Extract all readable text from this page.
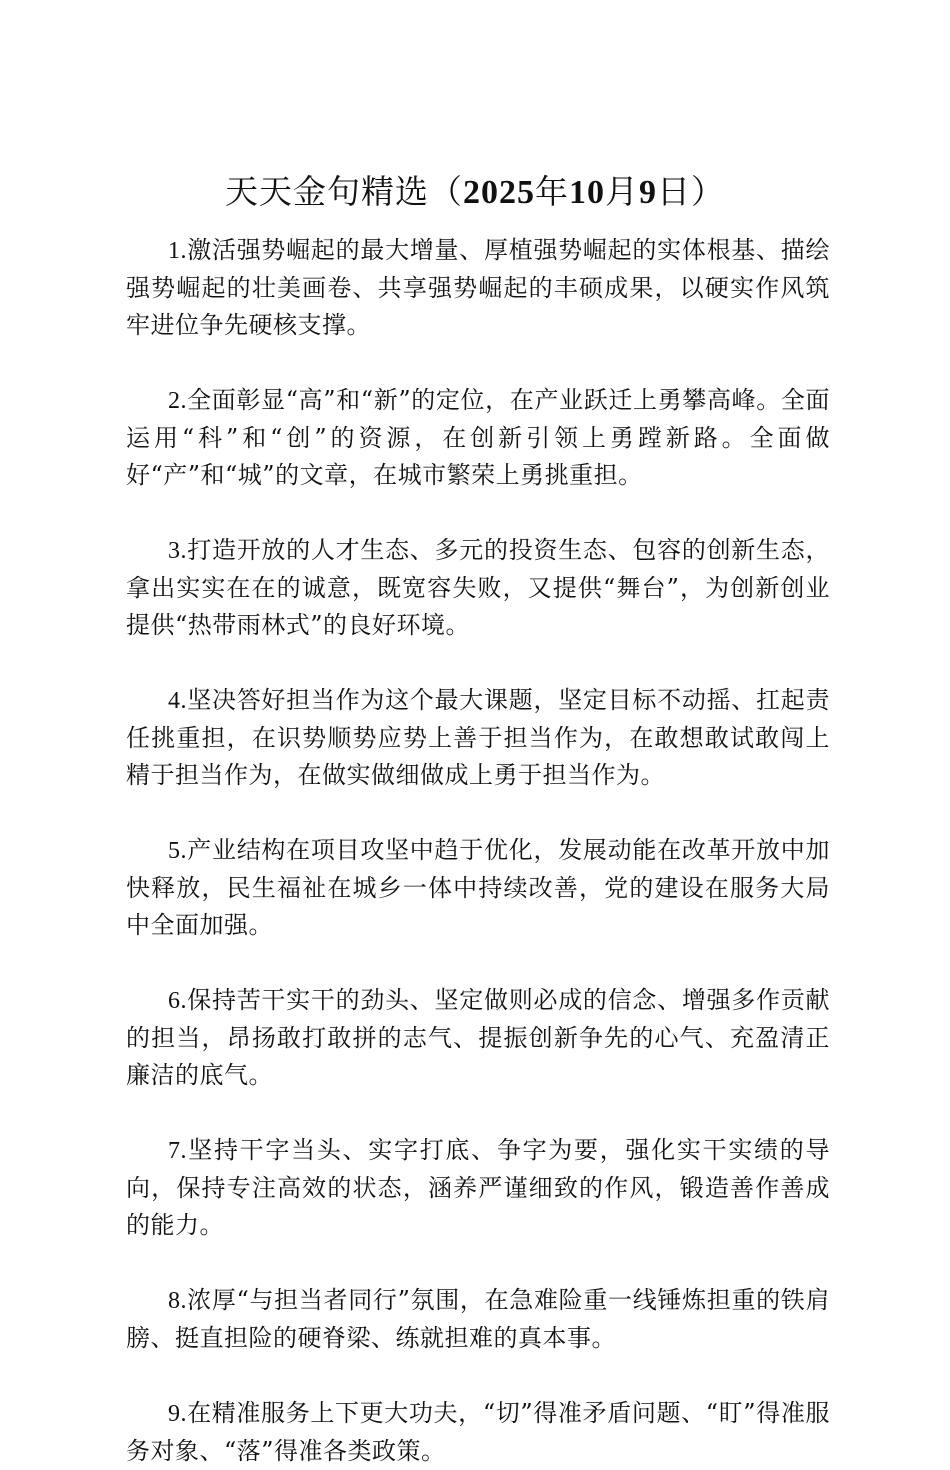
天天金句精选（2025年10月9日）

1.激活强势崛起的最大增量、厚植强势崛起的实体根基、描绘强势崛起的壮美画卷、共享强势崛起的丰硕成果，以硬实作风筑牢进位争先硬核支撑。

2.全面彰显“高”和“新”的定位，在产业跃迁上勇攀高峰。全面运用“科”和“创”的资源，在创新引领上勇蹚新路。全面做好“产”和“城”的文章，在城市繁荣上勇挑重担。

3.打造开放的人才生态、多元的投资生态、包容的创新生态，拿出实实在在的诚意，既宽容失败，又提供“舞台”，为创新创业提供“热带雨林式”的良好环境。

4.坚决答好担当作为这个最大课题，坚定目标不动摇、扛起责任挑重担，在识势顺势应势上善于担当作为，在敢想敢试敢闯上精于担当作为，在做实做细做成上勇于担当作为。

5.产业结构在项目攻坚中趋于优化，发展动能在改革开放中加快释放，民生福祉在城乡一体中持续改善，党的建设在服务大局中全面加强。

6.保持苦干实干的劲头、坚定做则必成的信念、增强多作贡献的担当，昂扬敢打敢拼的志气、提振创新争先的心气、充盈清正廉洁的底气。

7.坚持干字当头、实字打底、争字为要，强化实干实绩的导向，保持专注高效的状态，涵养严谨细致的作风，锻造善作善成的能力。

8.浓厚“与担当者同行”氛围，在急难险重一线锤炼担重的铁肩膀、挺直担险的硬脊梁、练就担难的真本事。

9.在精准服务上下更大功夫，“切”得准矛盾问题、“盯”得准服务对象、“落”得准各类政策。
